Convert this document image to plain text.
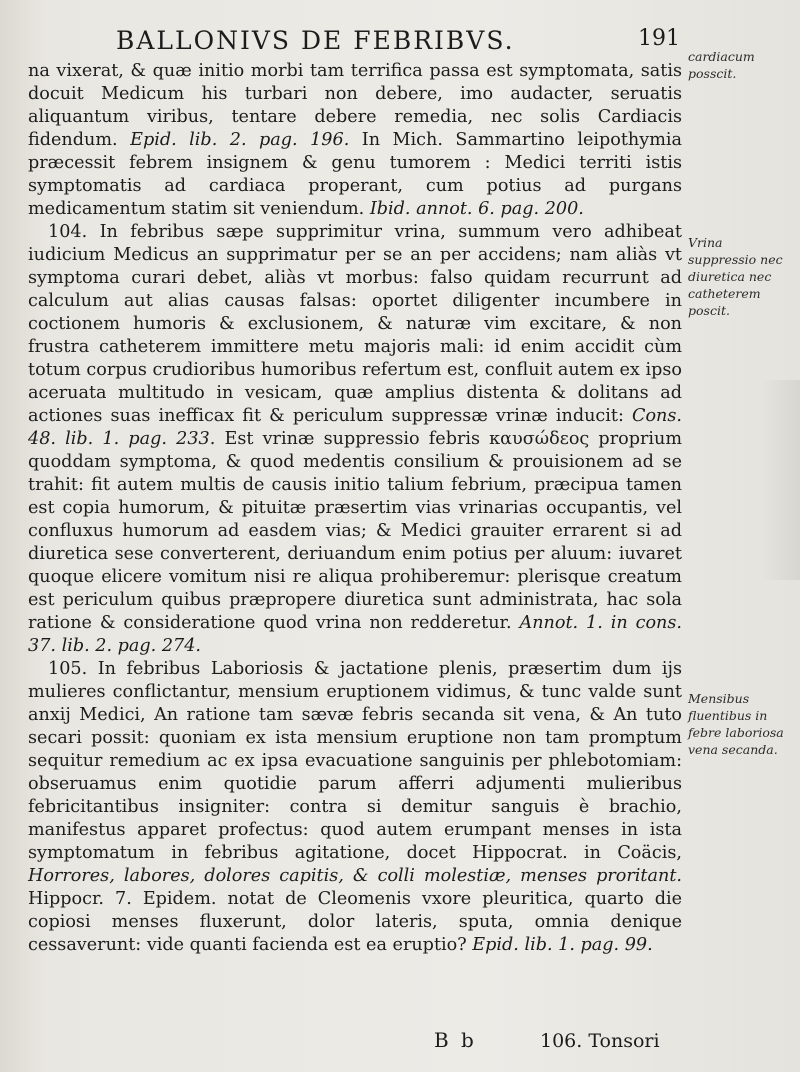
BALLONIVS DE FEBRIBVS.	191

na vixerat, & quæ initio morbi tam terrifica passa est symptomata, satis docuit Medicum his turbari non debere, imo audacter, seruatis aliquantum viribus, tentare debere remedia, nec solis Cardiacis fidendum. Epid. lib. 2. pag. 196. In Mich. Sammartino leipothymia præcessit febrem insignem & genu tumorem : Medici territi istis symptomatis ad cardiaca properant, cum potius ad purgans medicamentum statim sit veniendum. Ibid. annot. 6. pag. 200.

104. In febribus sæpe supprimitur vrina, summum vero adhibeat iudicium Medicus an supprimatur per se an per accidens; nam aliàs vt symptoma curari debet, aliàs vt morbus: falso quidam recurrunt ad calculum aut alias causas falsas: oportet diligenter incumbere in coctionem humoris & exclusionem, & naturæ vim excitare, & non frustra catheterem immittere metu majoris mali: id enim accidit cùm totum corpus crudioribus humoribus refertum est, confluit autem ex ipso aceruata multitudo in vesicam, quæ amplius distenta & dolitans ad actiones suas inefficax fit & periculum suppressæ vrinæ inducit: Cons. 48. lib. 1. pag. 233. Est vrinæ suppressio febris καυσώδεος proprium quoddam symptoma, & quod medentis consilium & prouisionem ad se trahit: fit autem multis de causis initio talium febrium, præcipua tamen est copia humorum, & pituitæ præsertim vias vrinarias occupantis, vel confluxus humorum ad easdem vias; & Medici grauiter errarent si ad diuretica sese converterent, deriuandum enim potius per aluum: iuvaret quoque elicere vomitum nisi re aliqua prohiberemur: plerisque creatum est periculum quibus præpropere diuretica sunt administrata, hac sola ratione & consideratione quod vrina non redderetur. Annot. 1. in cons. 37. lib. 2. pag. 274.

105. In febribus Laboriosis & jactatione plenis, præsertim dum ijs mulieres conflictantur, mensium eruptionem vidimus, & tunc valde sunt anxij Medici, An ratione tam sævæ febris secanda sit vena, & An tuto secari possit: quoniam ex ista mensium eruptione non tam promptum sequitur remedium ac ex ipsa evacuatione sanguinis per phlebotomiam: obseruamus enim quotidie parum afferri adjumenti mulieribus febricitantibus insigniter: contra si demitur sanguis è brachio, manifestus apparet profectus: quod autem erumpant menses in ista symptomatum in febribus agitatione, docet Hippocrat. in Coäcis, Horrores, labores, dolores capitis, & colli molestiæ, menses proritant. Hippocr. 7. Epidem. notat de Cleomenis vxore pleuritica, quarto die copiosi menses fluxerunt, dolor lateris, sputa, omnia denique cessaverunt: vide quanti facienda est ea eruptio? Epid. lib. 1. pag. 99.

cardiacum posscit.
Vrina suppressio nec diuretica nec catheterem poscit.
Mensibus fluentibus in febre laboriosa vena secanda.
B b	106. Tonsori
